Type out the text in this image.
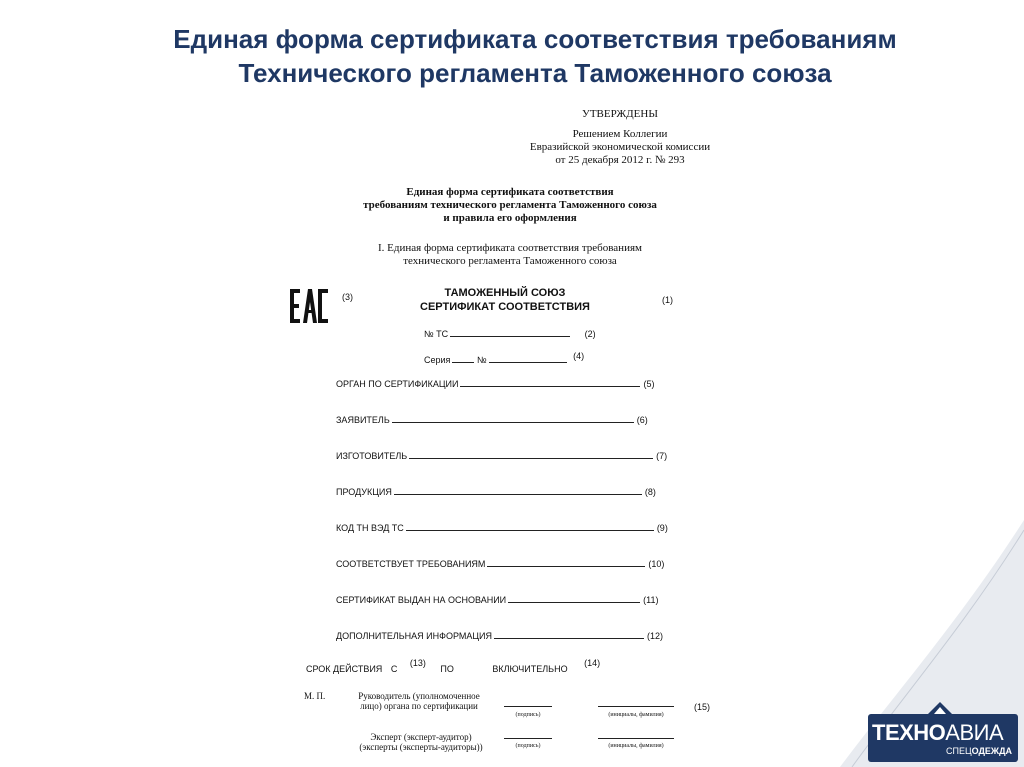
Единая форма сертификата соответствия требованиям
Технического регламента Таможенного союза
УТВЕРЖДЕНЫ
Решением Коллегии
Евразийской экономической комиссии
от 25 декабря 2012 г. № 293
Единая форма сертификата соответствия
требованиям технического регламента Таможенного союза
и правила его оформления
I. Единая форма сертификата соответствия требованиям
технического регламента Таможенного союза
(3)	ТАМОЖЕННЫЙ СОЮЗ
СЕРТИФИКАТ СООТВЕТСТВИЯ
(1)
№ ТС	(2)
Серия	№	(4)
ОРГАН ПО СЕРТИФИКАЦИИ	(5)
ЗАЯВИТЕЛЬ	(6)
ИЗГОТОВИТЕЛЬ	(7)
ПРОДУКЦИЯ	(8)
КОД ТН ВЭД ТС	(9)
СООТВЕТСТВУЕТ ТРЕБОВАНИЯМ	(10)
СЕРТИФИКАТ ВЫДАН НА ОСНОВАНИИ	(11)
ДОПОЛНИТЕЛЬНАЯ ИНФОРМАЦИЯ	(12)
СРОК ДЕЙСТВИЯ С (13) ПО	ВКЛЮЧИТЕЛЬНО (14)
М. П.	Руководитель (уполномоченное
лицо) органа по сертификации
(подпись)	(инициалы, фамилия)
(15)
Эксперт (эксперт-аудитор)
(эксперты (эксперты-аудиторы))	(подпись)	(инициалы, фамилия)
ТЕХНОАВИА
СПЕЦОДЕЖДА
